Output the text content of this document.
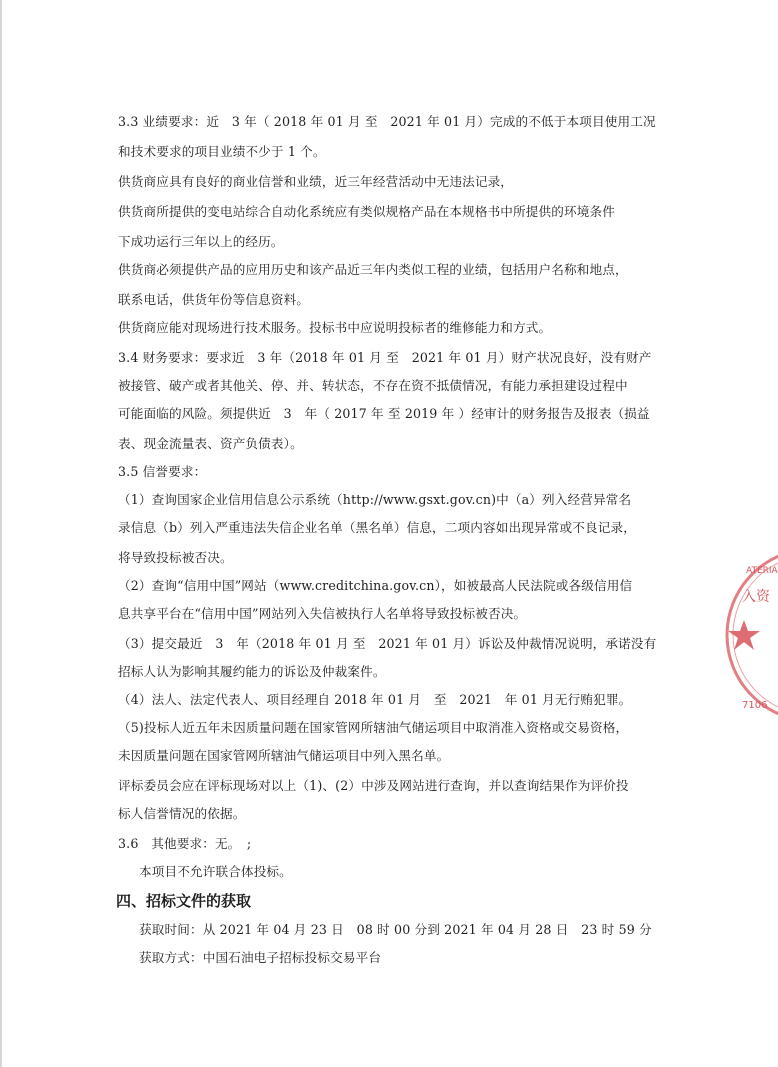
3.3 业绩要求：近　3 年（ 2018 年 01 月 至　2021 年 01 月）完成的不低于本项目使用工况
和技术要求的项目业绩不少于 1 个。
供货商应具有良好的商业信誉和业绩，近三年经营活动中无违法记录，
供货商所提供的变电站综合自动化系统应有类似规格产品在本规格书中所提供的环境条件
下成功运行三年以上的经历。
供货商必须提供产品的应用历史和该产品近三年内类似工程的业绩，包括用户名称和地点，
联系电话，供货年份等信息资料。
供货商应能对现场进行技术服务。投标书中应说明投标者的维修能力和方式。
3.4 财务要求：要求近　3 年（2018 年 01 月 至　2021 年 01 月）财产状况良好，没有财产
被接管、破产或者其他关、停、并、转状态，不存在资不抵债情况，有能力承担建设过程中
可能面临的风险。须提供近　3　年（ 2017 年 至 2019 年 ）经审计的财务报告及报表（损益
表、现金流量表、资产负债表）。
3.5 信誉要求：
（1）查询国家企业信用信息公示系统（http://www.gsxt.gov.cn)中（a）列入经营异常名
录信息（b）列入严重违法失信企业名单（黑名单）信息，二项内容如出现异常或不良记录，
将导致投标被否决。
（2）查询“信用中国”网站（www.creditchina.gov.cn），如被最高人民法院或各级信用信
息共享平台在“信用中国”网站列入失信被执行人名单将导致投标被否决。
（3）提交最近　3　年（2018 年 01 月 至　2021 年 01 月）诉讼及仲裁情况说明，承诺没有
招标人认为影响其履约能力的诉讼及仲裁案件。
（4）法人、法定代表人、项目经理自 2018 年 01 月　至　2021　年 01 月无行贿犯罪。
（5)投标人近五年未因质量问题在国家管网所辖油气储运项目中取消准入资格或交易资格，
未因质量问题在国家管网所辖油气储运项目中列入黑名单。
评标委员会应在评标现场对以上（1)、(2）中涉及网站进行查询，并以查询结果作为评价投
标人信誉情况的依据。
3.6　其他要求：无。　;
本项目不允许联合体投标。
四、招标文件的获取
获取时间：从 2021 年 04 月 23 日　08 时 00 分到 2021 年 04 月 28 日　23 时 59 分
获取方式：中国石油电子招标投标交易平台
ATERIA
入资
7106
